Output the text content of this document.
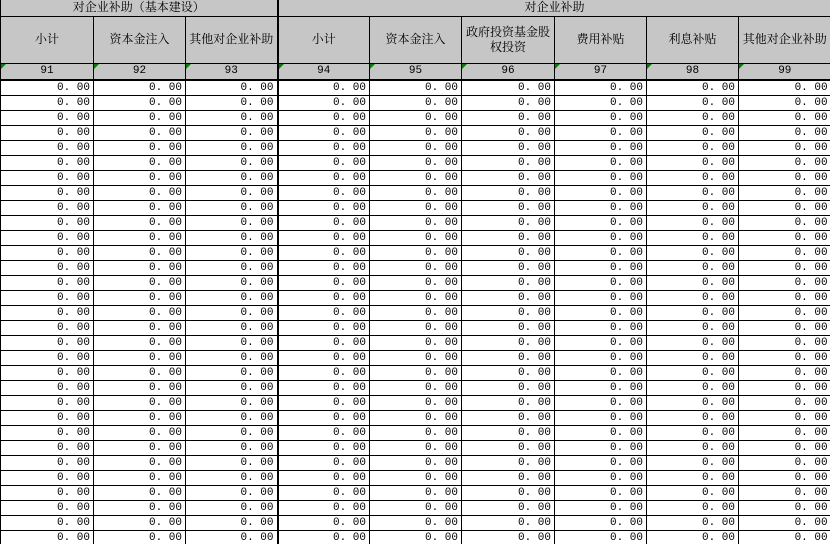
对企业补助（基本建设）			对企业补助					
小计	资本金注入	其他对企业补助	小计	资本金注入	政府投资基金股权投资	费用补贴	利息补贴	其他对企业补助

91	92	93	94	95	96	97	98	99
0. 00	0. 00	0. 00	0. 00	0. 00	0. 00	0. 00	0. 00	0. 00
0. 00	0. 00	0. 00	0. 00	0. 00	0. 00	0. 00	0. 00	0. 00
0. 00	0. 00	0. 00	0. 00	0. 00	0. 00	0. 00	0. 00	0. 00
0. 00	0. 00	0. 00	0. 00	0. 00	0. 00	0. 00	0. 00	0. 00
0. 00	0. 00	0. 00	0. 00	0. 00	0. 00	0. 00	0. 00	0. 00
0. 00	0. 00	0. 00	0. 00	0. 00	0. 00	0. 00	0. 00	0. 00
0. 00	0. 00	0. 00	0. 00	0. 00	0. 00	0. 00	0. 00	0. 00
0. 00	0. 00	0. 00	0. 00	0. 00	0. 00	0. 00	0. 00	0. 00
0. 00	0. 00	0. 00	0. 00	0. 00	0. 00	0. 00	0. 00	0. 00
0. 00	0. 00	0. 00	0. 00	0. 00	0. 00	0. 00	0. 00	0. 00
0. 00	0. 00	0. 00	0. 00	0. 00	0. 00	0. 00	0. 00	0. 00
0. 00	0. 00	0. 00	0. 00	0. 00	0. 00	0. 00	0. 00	0. 00
0. 00	0. 00	0. 00	0. 00	0. 00	0. 00	0. 00	0. 00	0. 00
0. 00	0. 00	0. 00	0. 00	0. 00	0. 00	0. 00	0. 00	0. 00
0. 00	0. 00	0. 00	0. 00	0. 00	0. 00	0. 00	0. 00	0. 00
0. 00	0. 00	0. 00	0. 00	0. 00	0. 00	0. 00	0. 00	0. 00
0. 00	0. 00	0. 00	0. 00	0. 00	0. 00	0. 00	0. 00	0. 00
0. 00	0. 00	0. 00	0. 00	0. 00	0. 00	0. 00	0. 00	0. 00
0. 00	0. 00	0. 00	0. 00	0. 00	0. 00	0. 00	0. 00	0. 00
0. 00	0. 00	0. 00	0. 00	0. 00	0. 00	0. 00	0. 00	0. 00
0. 00	0. 00	0. 00	0. 00	0. 00	0. 00	0. 00	0. 00	0. 00
0. 00	0. 00	0. 00	0. 00	0. 00	0. 00	0. 00	0. 00	0. 00
0. 00	0. 00	0. 00	0. 00	0. 00	0. 00	0. 00	0. 00	0. 00
0. 00	0. 00	0. 00	0. 00	0. 00	0. 00	0. 00	0. 00	0. 00
0. 00	0. 00	0. 00	0. 00	0. 00	0. 00	0. 00	0. 00	0. 00
0. 00	0. 00	0. 00	0. 00	0. 00	0. 00	0. 00	0. 00	0. 00
0. 00	0. 00	0. 00	0. 00	0. 00	0. 00	0. 00	0. 00	0. 00
0. 00	0. 00	0. 00	0. 00	0. 00	0. 00	0. 00	0. 00	0. 00
0. 00	0. 00	0. 00	0. 00	0. 00	0. 00	0. 00	0. 00	0. 00
0. 00	0. 00	0. 00	0. 00	0. 00	0. 00	0. 00	0. 00	0. 00
0. 00	0. 00	0. 00	0. 00	0. 00	0. 00	0. 00	0. 00	0. 00
